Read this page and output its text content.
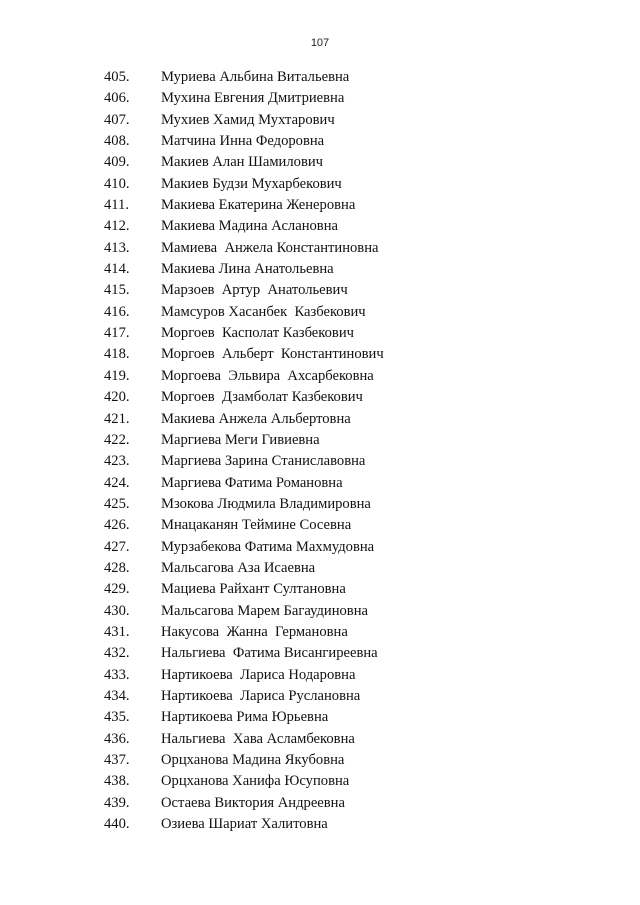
107
405. Муриева Альбина Витальевна
406. Мухина Евгения Дмитриевна
407. Мухиев Хамид Мухтарович
408. Матчина Инна Федоровна
409. Макиев Алан Шамилович
410. Макиев Будзи Мухарбекович
411. Макиева Екатерина Женеровна
412. Макиева Мадина Аслановна
413. Мамиева  Анжела Константиновна
414. Макиева Лина Анатольевна
415. Марзоев  Артур  Анатольевич
416. Мамсуров Хасанбек  Казбекович
417. Моргоев  Касполат Казбекович
418. Моргоев  Альберт  Константинович
419. Моргоева  Эльвира  Ахсарбековна
420. Моргоев  Дзамболат Казбекович
421. Макиева Анжела Альбертовна
422. Маргиева Меги Гивиевна
423. Маргиева Зарина Станиславовна
424. Маргиева Фатима Романовна
425. Мзокова Людмила Владимировна
426. Мнацаканян Теймине Сосевна
427. Мурзабекова Фатима Махмудовна
428. Мальсагова Аза Исаевна
429. Мациева Райхант Султановна
430. Мальсагова Марем Багаудиновна
431. Накусова  Жанна  Германовна
432. Нальгиева  Фатима Висангиреевна
433. Нартикоева  Лариса Нодаровна
434. Нартикоева  Лариса Руслановна
435. Нартикоева Рима Юрьевна
436. Нальгиева  Хава Асламбековна
437. Орцханова Мадина Якубовна
438. Орцханова Ханифа Юсуповна
439. Остаева Виктория Андреевна
440. Озиева Шариат Халитовна
